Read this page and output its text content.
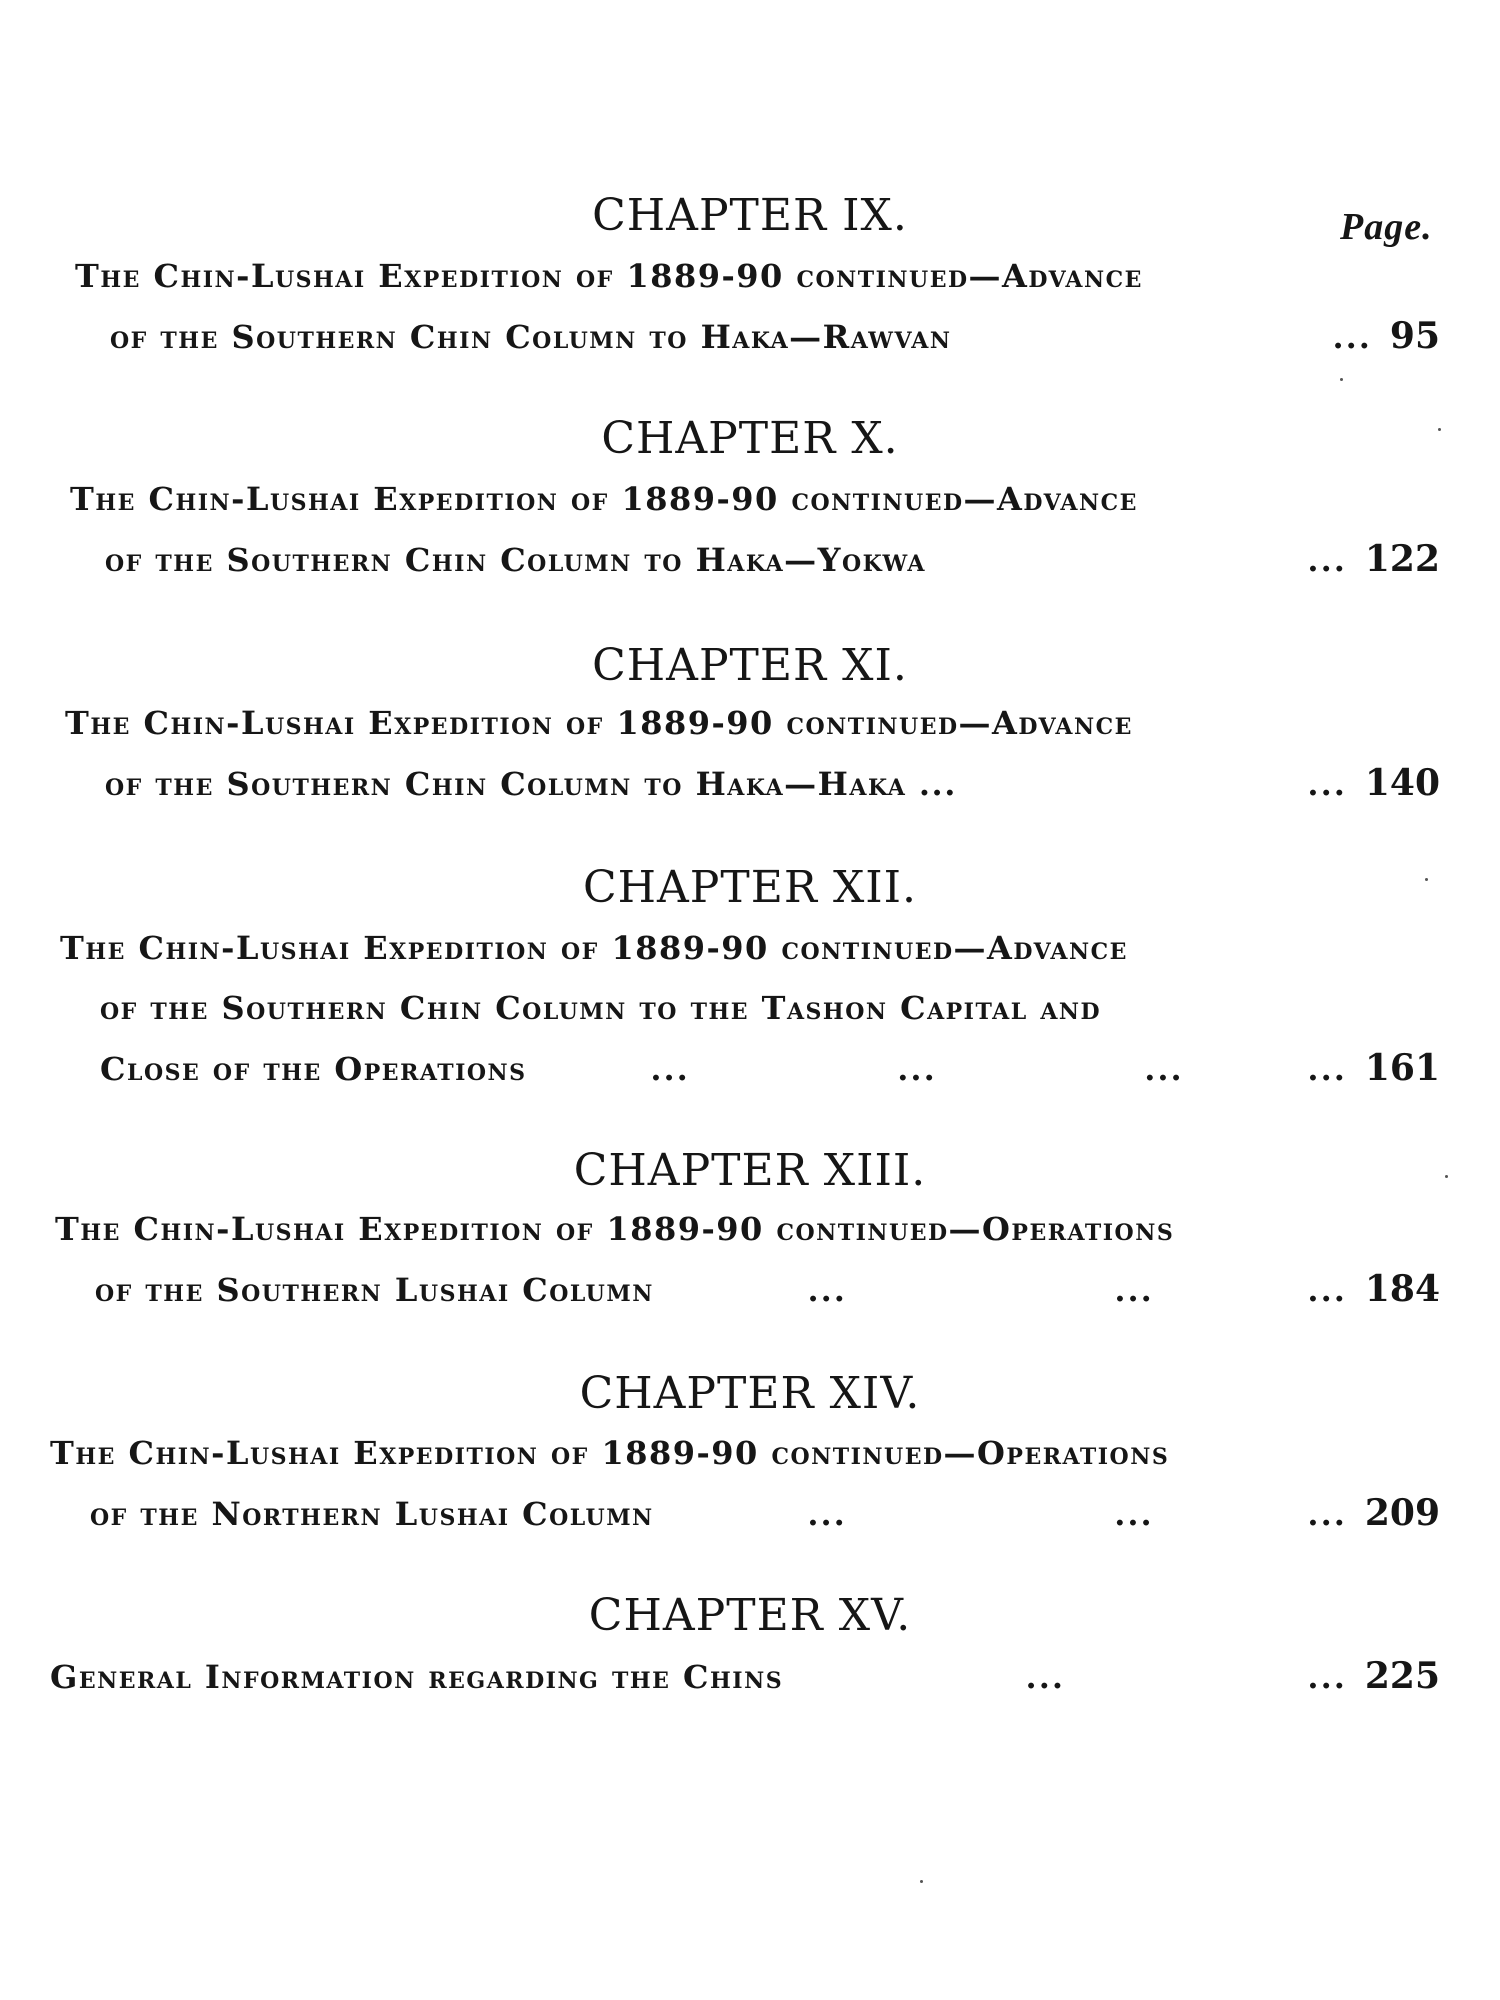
Page.
CHAPTER IX.
The Chin-Lushai Expedition of 1889-90 continued—Advance
of the Southern Chin Column to Haka—Rawvan	... 95
CHAPTER X.
The Chin-Lushai Expedition of 1889-90 continued—Advance
of the Southern Chin Column to Haka—Yokwa	... 122
CHAPTER XI.
The Chin-Lushai Expedition of 1889-90 continued—Advance
of the Southern Chin Column to Haka—Haka ...	... 140
CHAPTER XII.
The Chin-Lushai Expedition of 1889-90 continued—Advance
of the Southern Chin Column to the Tashon Capital and
Close of the Operations	...	...	...	... 161
CHAPTER XIII.
The Chin-Lushai Expedition of 1889-90 continued—Operations
of the Southern Lushai Column	...	...	... 184
CHAPTER XIV.
The Chin-Lushai Expedition of 1889-90 continued—Operations
of the Northern Lushai Column	...	...	... 209
CHAPTER XV.
General Information regarding the Chins	...	... 225
